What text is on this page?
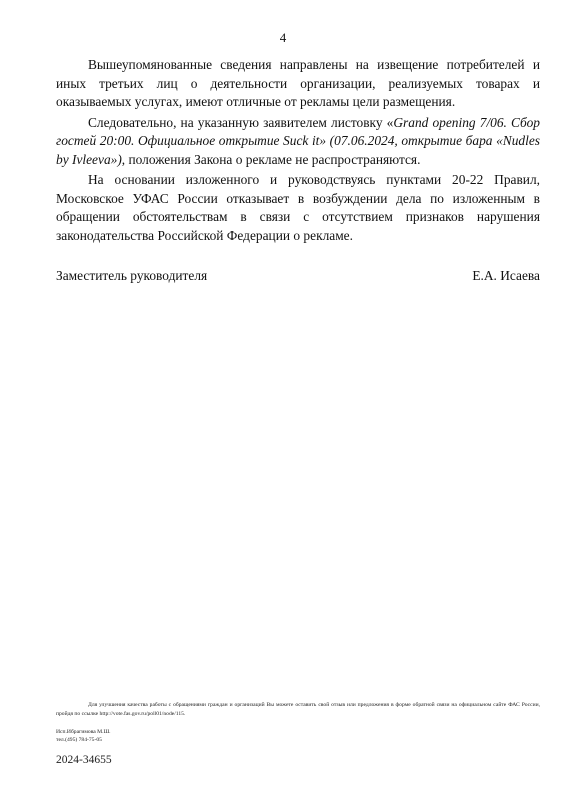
4

Вышеупомянованные сведения направлены на извещение потребителей и иных третьих лиц о деятельности организации, реализуемых товарах и оказываемых услугах, имеют отличные от рекламы цели размещения.

Следовательно, на указанную заявителем листовку «Grand opening 7/06. Сбор гостей 20:00. Официальное открытие Suck it» (07.06.2024, открытие бара «Nudles by Ivleeva»), положения Закона о рекламе не распространяются.

На основании изложенного и руководствуясь пунктами 20-22 Правил, Московское УФАС России отказывает в возбуждении дела по изложенным в обращении обстоятельствам в связи с отсутствием признаков нарушения законодательства Российской Федерации о рекламе.

Заместитель руководителя	Е.А. Исаева
Для улучшения качества работы с обращениями граждан и организаций Вы можете оставить свой отзыв или предложения в форме обратной связи на официальном сайте ФАС России, пройдя по ссылке http://vote.fas.gov.ru/poll01/node/115.
Исп.Ибрагимова М.Ш.
тел.(495) 784-75-05
2024-34655
